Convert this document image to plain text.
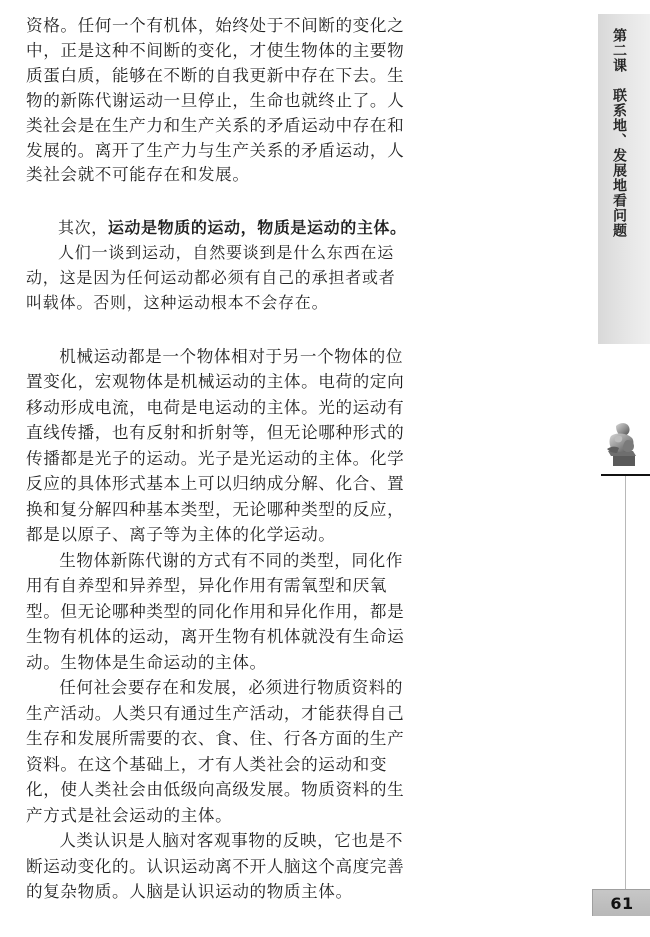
资格。任何一个有机体，始终处于不间断的变化之中，正是这种不间断的变化，才使生物体的主要物质蛋白质，能够在不断的自我更新中存在下去。生物的新陈代谢运动一旦停止，生命也就终止了。人类社会是在生产力和生产关系的矛盾运动中存在和发展的。离开了生产力与生产关系的矛盾运动，人类社会就不可能存在和发展。

其次，运动是物质的运动，物质是运动的主体。

人们一谈到运动，自然要谈到是什么东西在运动，这是因为任何运动都必须有自己的承担者或者叫载体。否则，这种运动根本不会存在。

机械运动都是一个物体相对于另一个物体的位置变化，宏观物体是机械运动的主体。电荷的定向移动形成电流，电荷是电运动的主体。光的运动有直线传播，也有反射和折射等，但无论哪种形式的传播都是光子的运动。光子是光运动的主体。化学反应的具体形式基本上可以归纳成分解、化合、置换和复分解四种基本类型，无论哪种类型的反应，都是以原子、离子等为主体的化学运动。

生物体新陈代谢的方式有不同的类型，同化作用有自养型和异养型，异化作用有需氧型和厌氧型。但无论哪种类型的同化作用和异化作用，都是生物有机体的运动，离开生物有机体就没有生命运动。生物体是生命运动的主体。

任何社会要存在和发展，必须进行物质资料的生产活动。人类只有通过生产活动，才能获得自己生存和发展所需要的衣、食、住、行各方面的生产资料。在这个基础上，才有人类社会的运动和变化，使人类社会由低级向高级发展。物质资料的生产方式是社会运动的主体。

人类认识是人脑对客观事物的反映，它也是不断运动变化的。认识运动离不开人脑这个高度完善的复杂物质。人脑是认识运动的物质主体。

第二课　联系地、发展地看问题
61
